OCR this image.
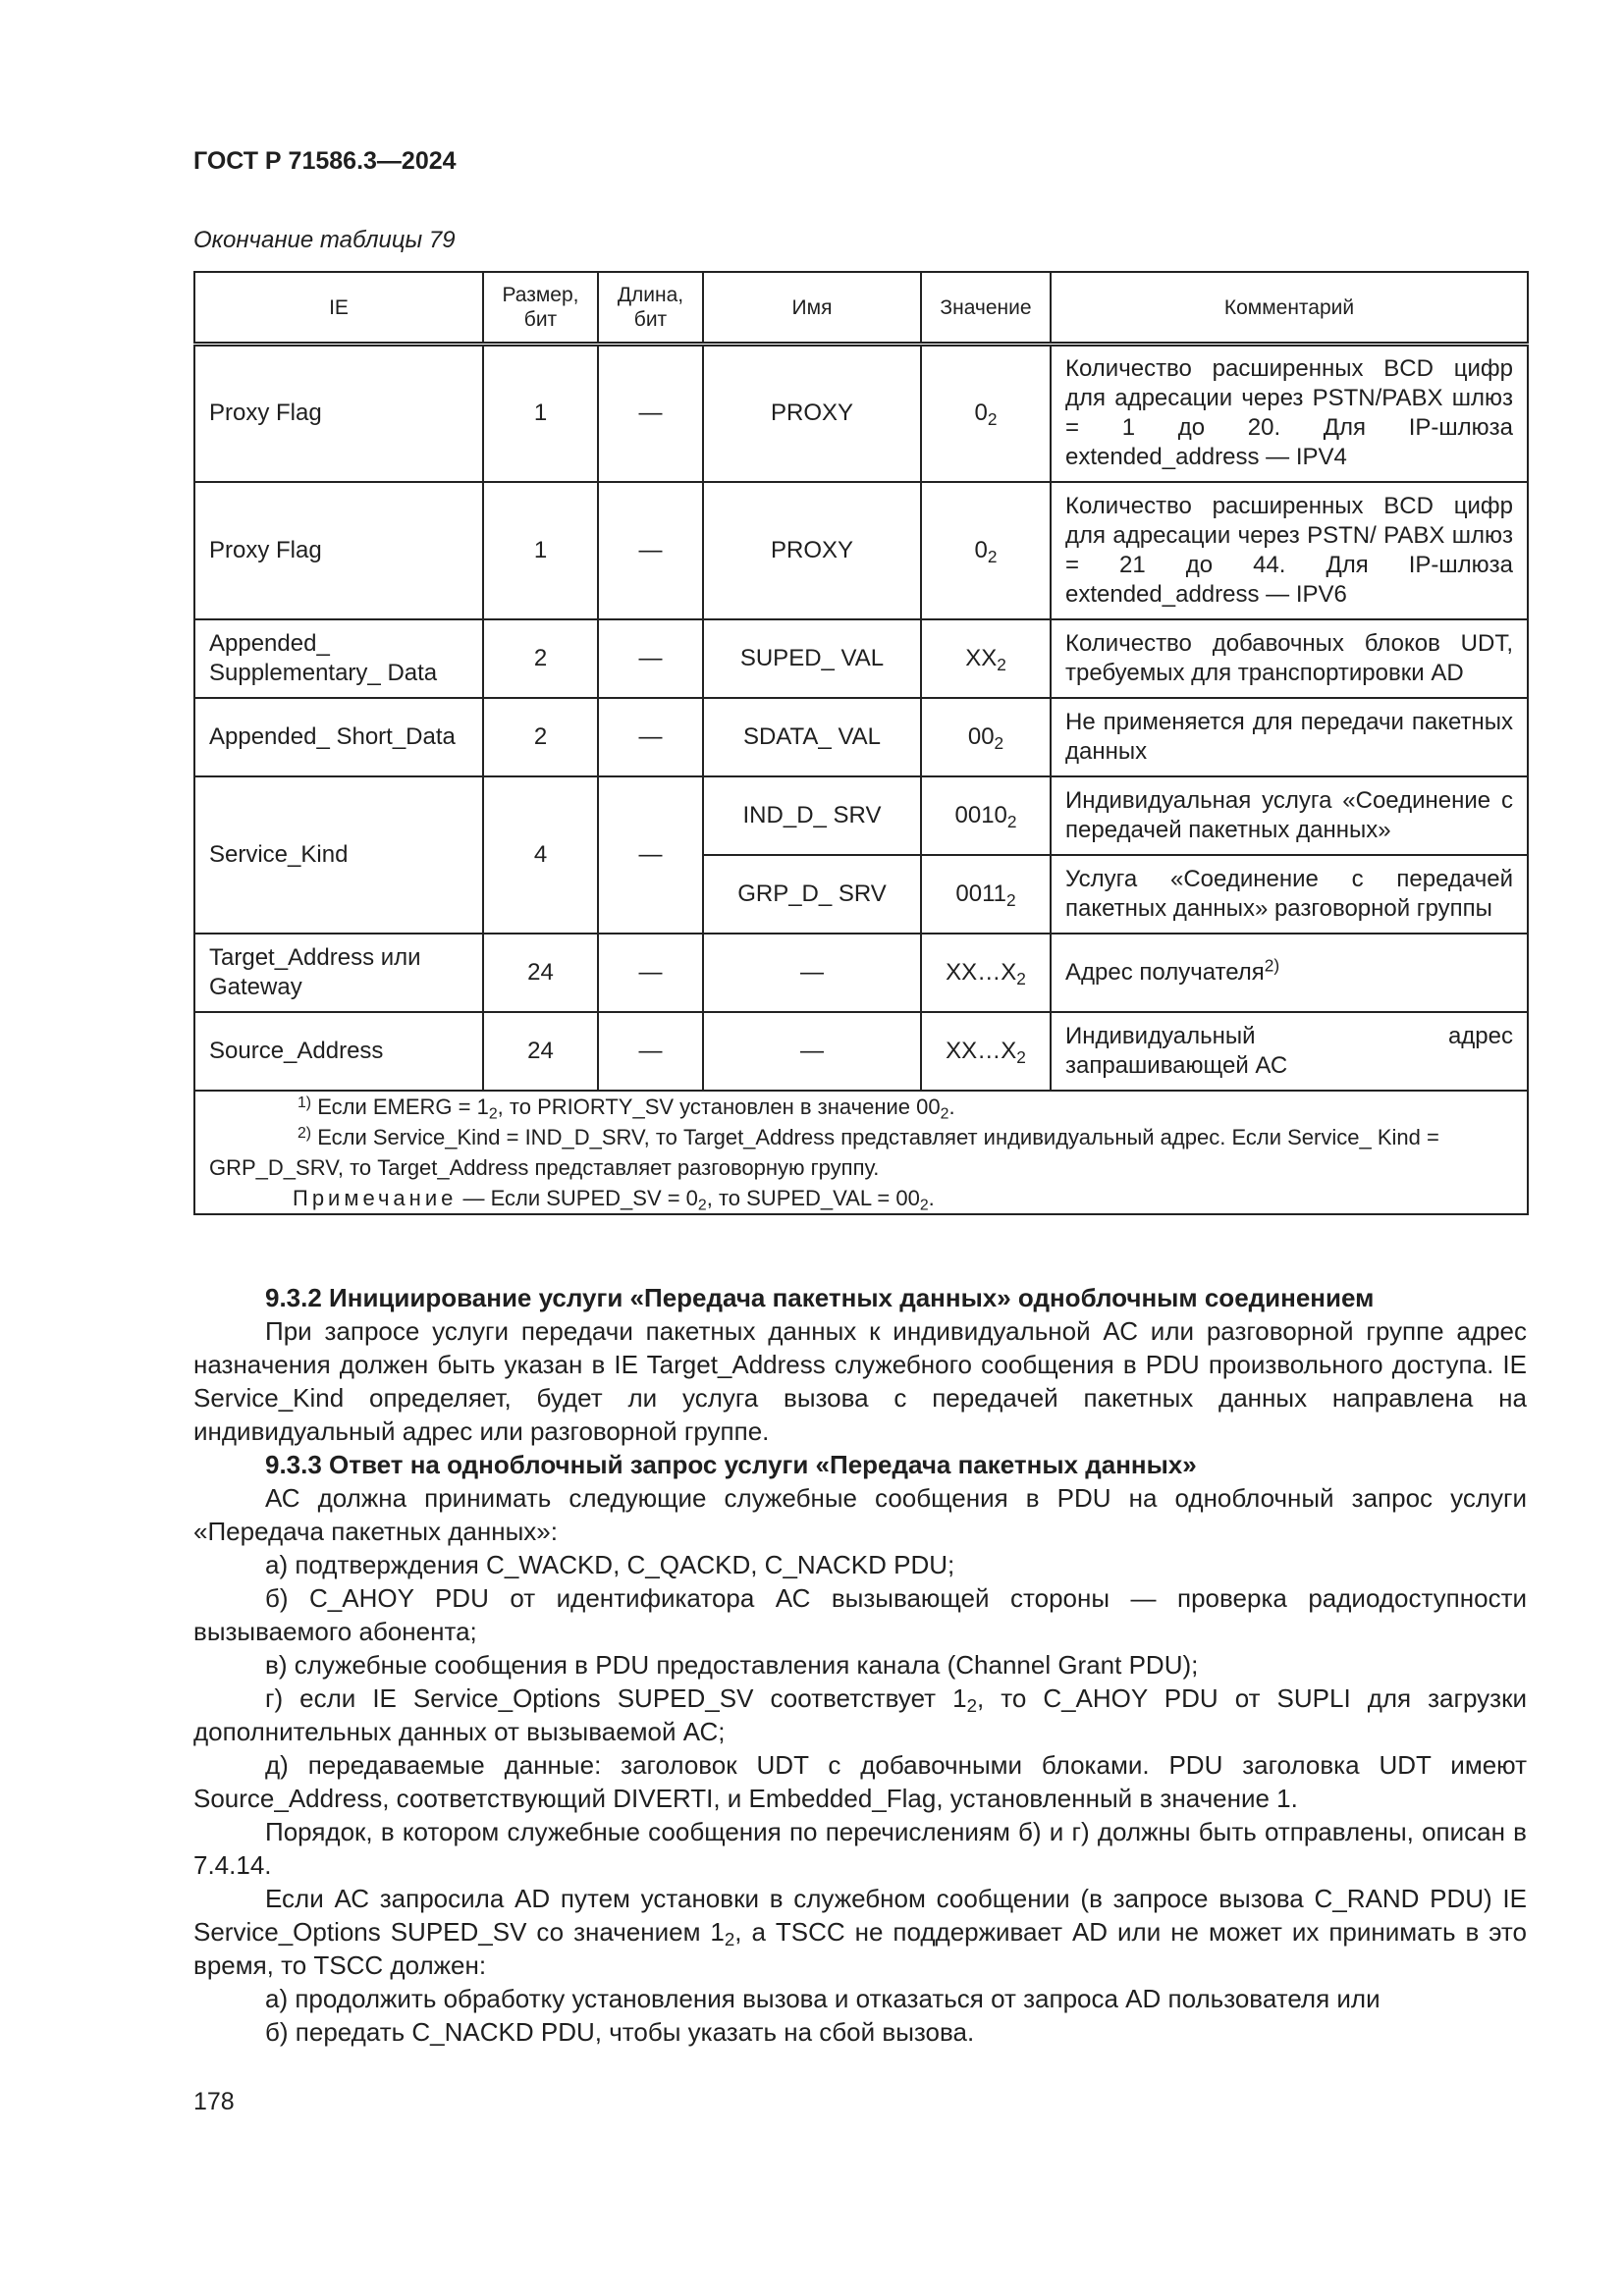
ГОСТ Р 71586.3—2024
Окончание таблицы 79
IE	Размер, бит	Длина, бит	Имя	Значение	Комментарий
Proxy Flag	1	—	PROXY	$0_2$	Количество расширенных BCD цифр для адресации через PSTN/PABX шлюз = 1 до 20. Для IP-шлюза extended_address — IPV4
Proxy Flag	1	—	PROXY	$0_2$	Количество расширенных BCD цифр для адресации через PSTN/ PABX шлюз = 21 до 44. Для IP-шлюза extended_address — IPV6
Appended_ Supplementary_ Data	2	—	SUPED_ VAL	$XX_2$	Количество добавочных блоков UDT, требуемых для транспортировки AD
Appended_ Short_Data	2	—	SDATA_ VAL	$00_2$	Не применяется для передачи пакетных данных
Service_Kind	4	—	IND_D_ SRV	$0010_2$	Индивидуальная услуга «Соединение с передачей пакетных данных»
			GRP_D_ SRV	$0011_2$	Услуга «Соединение с передачей пакетных данных» разговорной группы
Target_Address или Gateway	24	—	—	$XX\dots X_2$	Адрес получателя$^{2)}$
Source_Address	24	—	—	$XX\dots X_2$	Индивидуальный адрес запрашивающей АС

$^{1)}$ Если EMERG = $1_2$, то PRIORTY_SV установлен в значение $00_2$.

$^{2)}$ Если Service_Kind = IND_D_SRV, то Target_Address представляет индивидуальный адрес. Если Service_ Kind = GRP_D_SRV, то Target_Address представляет разговорную группу.

Примечание — Если SUPED_SV = $0_2$, то SUPED_VAL = $00_2$.					

9.3.2 Инициирование услуги «Передача пакетных данных» одноблочным соединением

При запросе услуги передачи пакетных данных к индивидуальной АС или разговорной группе адрес назначения должен быть указан в IE Target_Address служебного сообщения в PDU произвольного доступа. IE Service_Kind определяет, будет ли услуга вызова с передачей пакетных данных направлена на индивидуальный адрес или разговорной группе.

9.3.3 Ответ на одноблочный запрос услуги «Передача пакетных данных»

АС должна принимать следующие служебные сообщения в PDU на одноблочный запрос услуги «Передача пакетных данных»:

а) подтверждения C_WACKD, C_QACKD, C_NACKD PDU;

б) C_AHOY PDU от идентификатора АС вызывающей стороны — проверка радиодоступности вызываемого абонента;

в) служебные сообщения в PDU предоставления канала (Channel Grant PDU);

г) если IE Service_Options SUPED_SV соответствует $1_2$, то C_AHOY PDU от SUPLI для загрузки дополнительных данных от вызываемой АС;

д) передаваемые данные: заголовок UDT с добавочными блоками. PDU заголовка UDT имеют Source_Address, соответствующий DIVERTI, и Embedded_Flag, установленный в значение 1.

Порядок, в котором служебные сообщения по перечислениям б) и г) должны быть отправлены, описан в 7.4.14.

Если АС запросила AD путем установки в служебном сообщении (в запросе вызова C_RAND PDU) IE Service_Options SUPED_SV со значением $1_2$, а TSCC не поддерживает AD или не может их принимать в это время, то TSCC должен:

а) продолжить обработку установления вызова и отказаться от запроса AD пользователя или

б) передать C_NACKD PDU, чтобы указать на сбой вызова.

178
